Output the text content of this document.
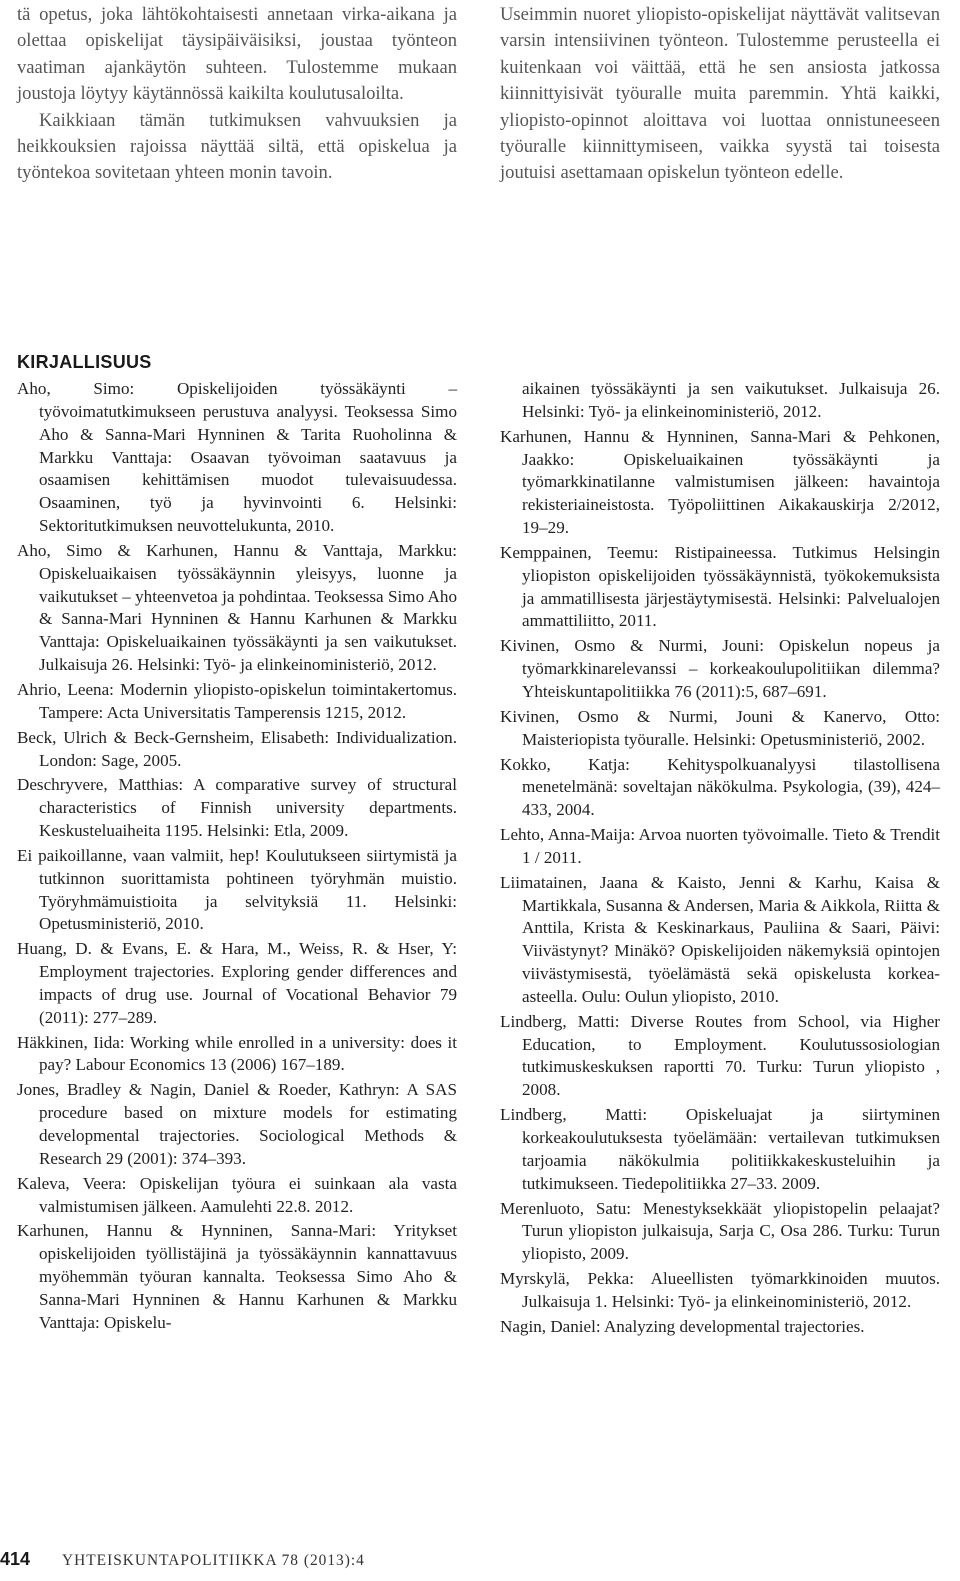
tä opetus, joka lähtökohtaisesti annetaan virka-aikana ja olettaa opiskelijat täysipäiväisiksi, joustaa työnteon vaatiman ajankäytön suhteen. Tulostemme mukaan joustoja löytyy käytännössä kaikilta koulutusaloilta.

Kaikkiaan tämän tutkimuksen vahvuuksien ja heikkouksien rajoissa näyttää siltä, että opiskelua ja työntekoa sovitetaan yhteen monin tavoin.

Useimmin nuoret yliopisto-opiskelijat näyttävät valitsevan varsin intensiivinen työnteon. Tulostemme perusteella ei kuitenkaan voi väittää, että he sen ansiosta jatkossa kiinnittyisivät työuralle muita paremmin. Yhtä kaikki, yliopisto-opinnot aloittava voi luottaa onnistuneeseen työuralle kiinnittymiseen, vaikka syystä tai toisesta joutuisi asettamaan opiskelun työnteon edelle.

KIRJALLISUUS
Aho, Simo: Opiskelijoiden työssäkäynti ‒ työvoimatutkimukseen perustuva analyysi. Teoksessa Simo Aho & Sanna-Mari Hynninen & Tarita Ruoholinna & Markku Vanttaja: Osaavan työvoiman saatavuus ja osaamisen kehittämisen muodot tulevaisuudessa. Osaaminen, työ ja hyvinvointi 6. Helsinki: Sektoritutkimuksen neuvottelukunta, 2010.
Aho, Simo & Karhunen, Hannu & Vanttaja, Markku: Opiskeluaikaisen työssäkäynnin yleisyys, luonne ja vaikutukset ‒ yhteenvetoa ja pohdintaa. Teoksessa Simo Aho & Sanna-Mari Hynninen & Hannu Karhunen & Markku Vanttaja: Opiskeluaikainen työssäkäynti ja sen vaikutukset. Julkaisuja 26. Helsinki: Työ- ja elinkeinoministeriö, 2012.
Ahrio, Leena: Modernin yliopisto-opiskelun toimintakertomus. Tampere: Acta Universitatis Tamperensis 1215, 2012.
Beck, Ulrich & Beck-Gernsheim, Elisabeth: Individualization. London: Sage, 2005.
Deschryvere, Matthias: A comparative survey of structural characteristics of Finnish university departments. Keskusteluaiheita 1195. Helsinki: Etla, 2009.
Ei paikoillanne, vaan valmiit, hep! Koulutukseen siirtymistä ja tutkinnon suorittamista pohtineen työryhmän muistio. Työryhmämuistioita ja selvityksiä 11. Helsinki: Opetusministeriö, 2010.
Huang, D. & Evans, E. & Hara, M., Weiss, R. & Hser, Y: Employment trajectories. Exploring gender differences and impacts of drug use. Journal of Vocational Behavior 79 (2011): 277–289.
Häkkinen, Iida: Working while enrolled in a university: does it pay? Labour Economics 13 (2006) 167–189.
Jones, Bradley & Nagin, Daniel & Roeder, Kathryn: A SAS procedure based on mixture models for estimating developmental trajectories. Sociological Methods & Research 29 (2001): 374–393.
Kaleva, Veera: Opiskelijan työura ei suinkaan ala vasta valmistumisen jälkeen. Aamulehti 22.8. 2012.
Karhunen, Hannu & Hynninen, Sanna-Mari: Yritykset opiskelijoiden työllistäjinä ja työssäkäynnin kannattavuus myöhemmän työuran kannalta. Teoksessa Simo Aho & Sanna-Mari Hynninen & Hannu Karhunen & Markku Vanttaja: Opiskelu-
aikainen työssäkäynti ja sen vaikutukset. Julkaisuja 26. Helsinki: Työ- ja elinkeinoministeriö, 2012.
Karhunen, Hannu & Hynninen, Sanna-Mari & Pehkonen, Jaakko: Opiskeluaikainen työssäkäynti ja työmarkkinatilanne valmistumisen jälkeen: havaintoja rekisteriaineistosta. Työpoliittinen Aikakauskirja 2/2012, 19–29.
Kemppainen, Teemu: Ristipaineessa. Tutkimus Helsingin yliopiston opiskelijoiden työssäkäynnistä, työkokemuksista ja ammatillisesta järjestäytymisestä. Helsinki: Palvelualojen ammattiliitto, 2011.
Kivinen, Osmo & Nurmi, Jouni: Opiskelun nopeus ja työmarkkinarelevanssi – korkeakoulupolitiikan dilemma? Yhteiskuntapolitiikka 76 (2011):5, 687–691.
Kivinen, Osmo & Nurmi, Jouni & Kanervo, Otto: Maisteriopista työuralle. Helsinki: Opetusministeriö, 2002.
Kokko, Katja: Kehityspolkuanalyysi tilastollisena menetelmänä: soveltajan näkökulma. Psykologia, (39), 424–433, 2004.
Lehto, Anna-Maija: Arvoa nuorten työvoimalle. Tieto & Trendit 1 / 2011.
Liimatainen, Jaana & Kaisto, Jenni & Karhu, Kaisa & Martikkala, Susanna & Andersen, Maria & Aikkola, Riitta & Anttila, Krista & Keskinarkaus, Pauliina & Saari, Päivi: Viivästynyt? Minäkö? Opiskelijoiden näkemyksiä opintojen viivästymisestä, työelämästä sekä opiskelusta korkea-asteella. Oulu: Oulun yliopisto, 2010.
Lindberg, Matti: Diverse Routes from School, via Higher Education, to Employment. Koulutussosiologian tutkimuskeskuksen raportti 70. Turku: Turun yliopisto , 2008.
Lindberg, Matti: Opiskeluajat ja siirtyminen korkeakoulutuksesta työelämään: vertailevan tutkimuksen tarjoamia näkökulmia politiikkakeskusteluihin ja tutkimukseen. Tiedepolitiikka 27–33. 2009.
Merenluoto, Satu: Menestyksekkäät yliopistopelin pelaajat? Turun yliopiston julkaisuja, Sarja C, Osa 286. Turku: Turun yliopisto, 2009.
Myrskylä, Pekka: Alueellisten työmarkkinoiden muutos. Julkaisuja 1. Helsinki: Työ- ja elinkeinoministeriö, 2012.
Nagin, Daniel: Analyzing developmental trajectories.
414 YHTEISKUNTAPOLITIIKKA 78 (2013):4
